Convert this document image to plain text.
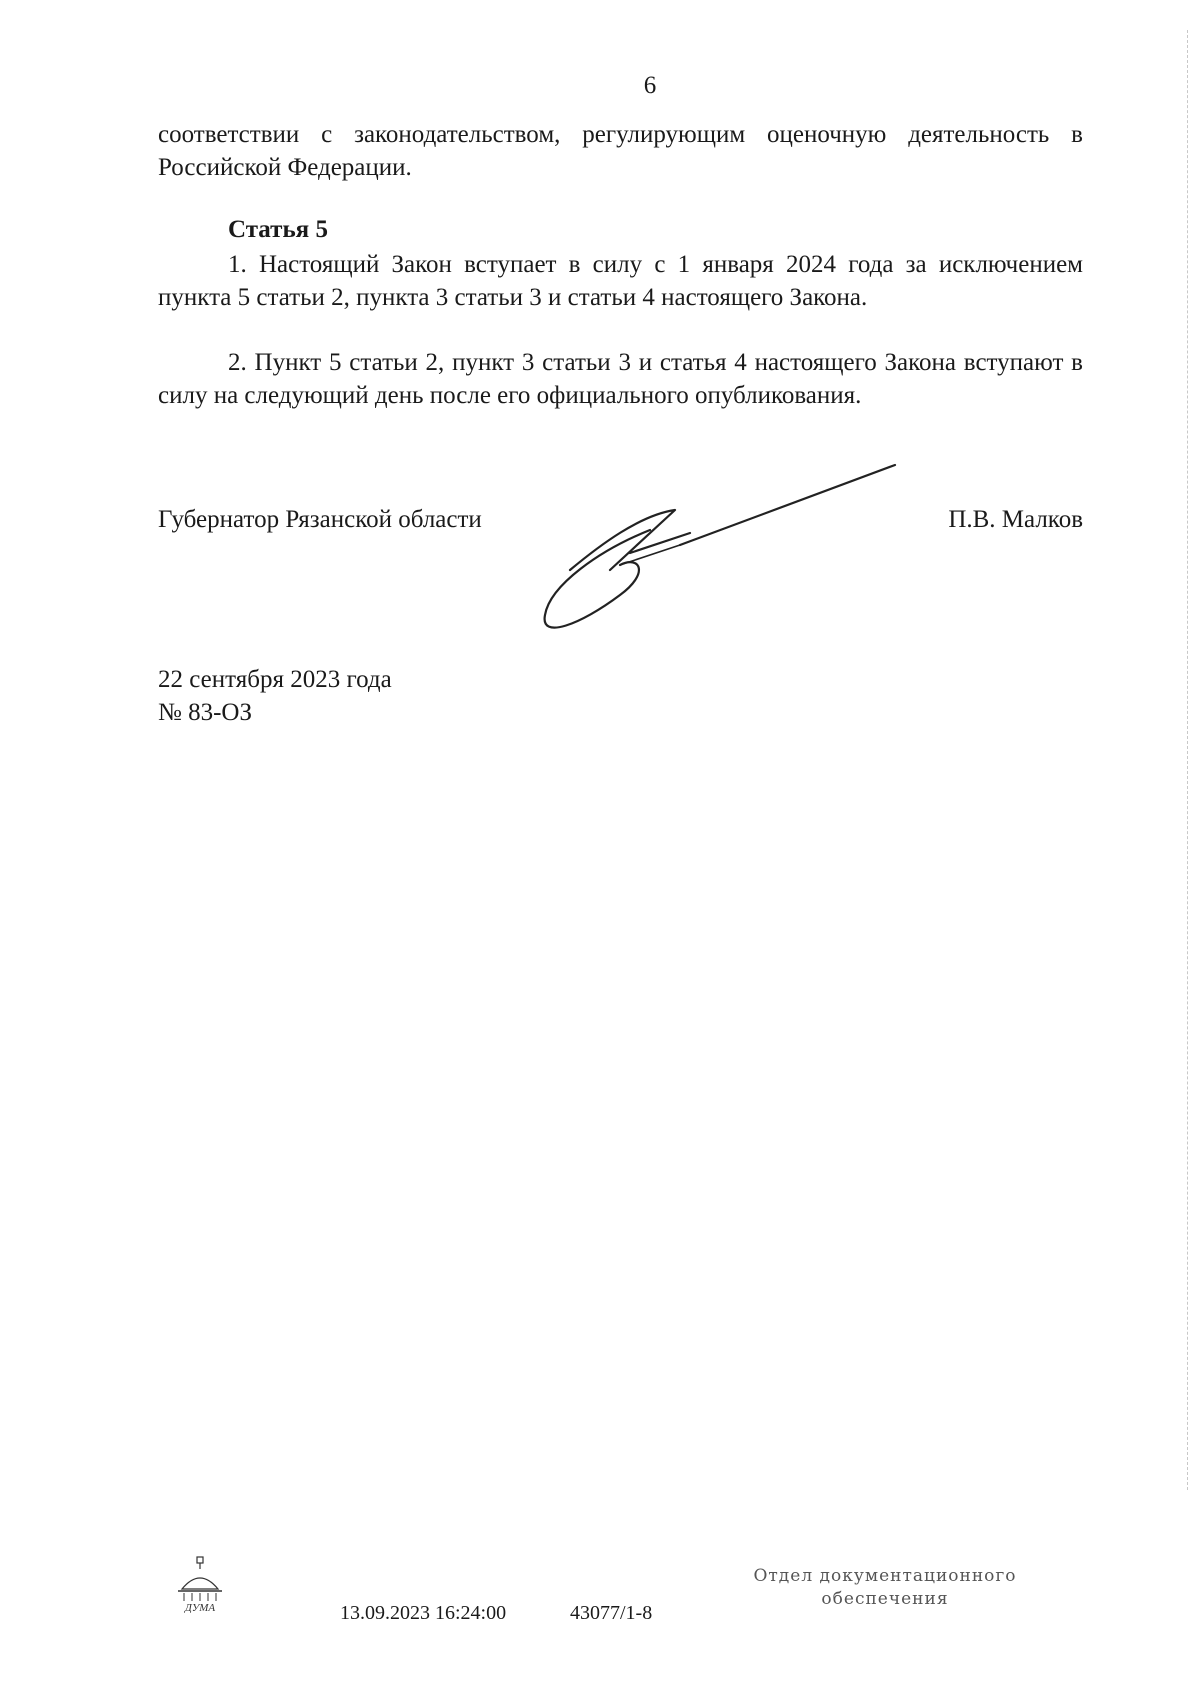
6
соответствии с законодательством, регулирующим оценочную деятельность в Российской Федерации.
Статья 5
1. Настоящий Закон вступает в силу с 1 января 2024 года за исключением пункта 5 статьи 2, пункта 3 статьи 3 и статьи 4 настоящего Закона.
2. Пункт 5 статьи 2, пункт 3 статьи 3 и статья 4 настоящего Закона вступают в силу на следующий день после его официального опубликования.
Губернатор Рязанской области	П.В. Малков
22 сентября 2023 года
№ 83-ОЗ
ДУМА	13.09.2023 16:24:00	43077/1-8
Отдел документационного
обеспечения
